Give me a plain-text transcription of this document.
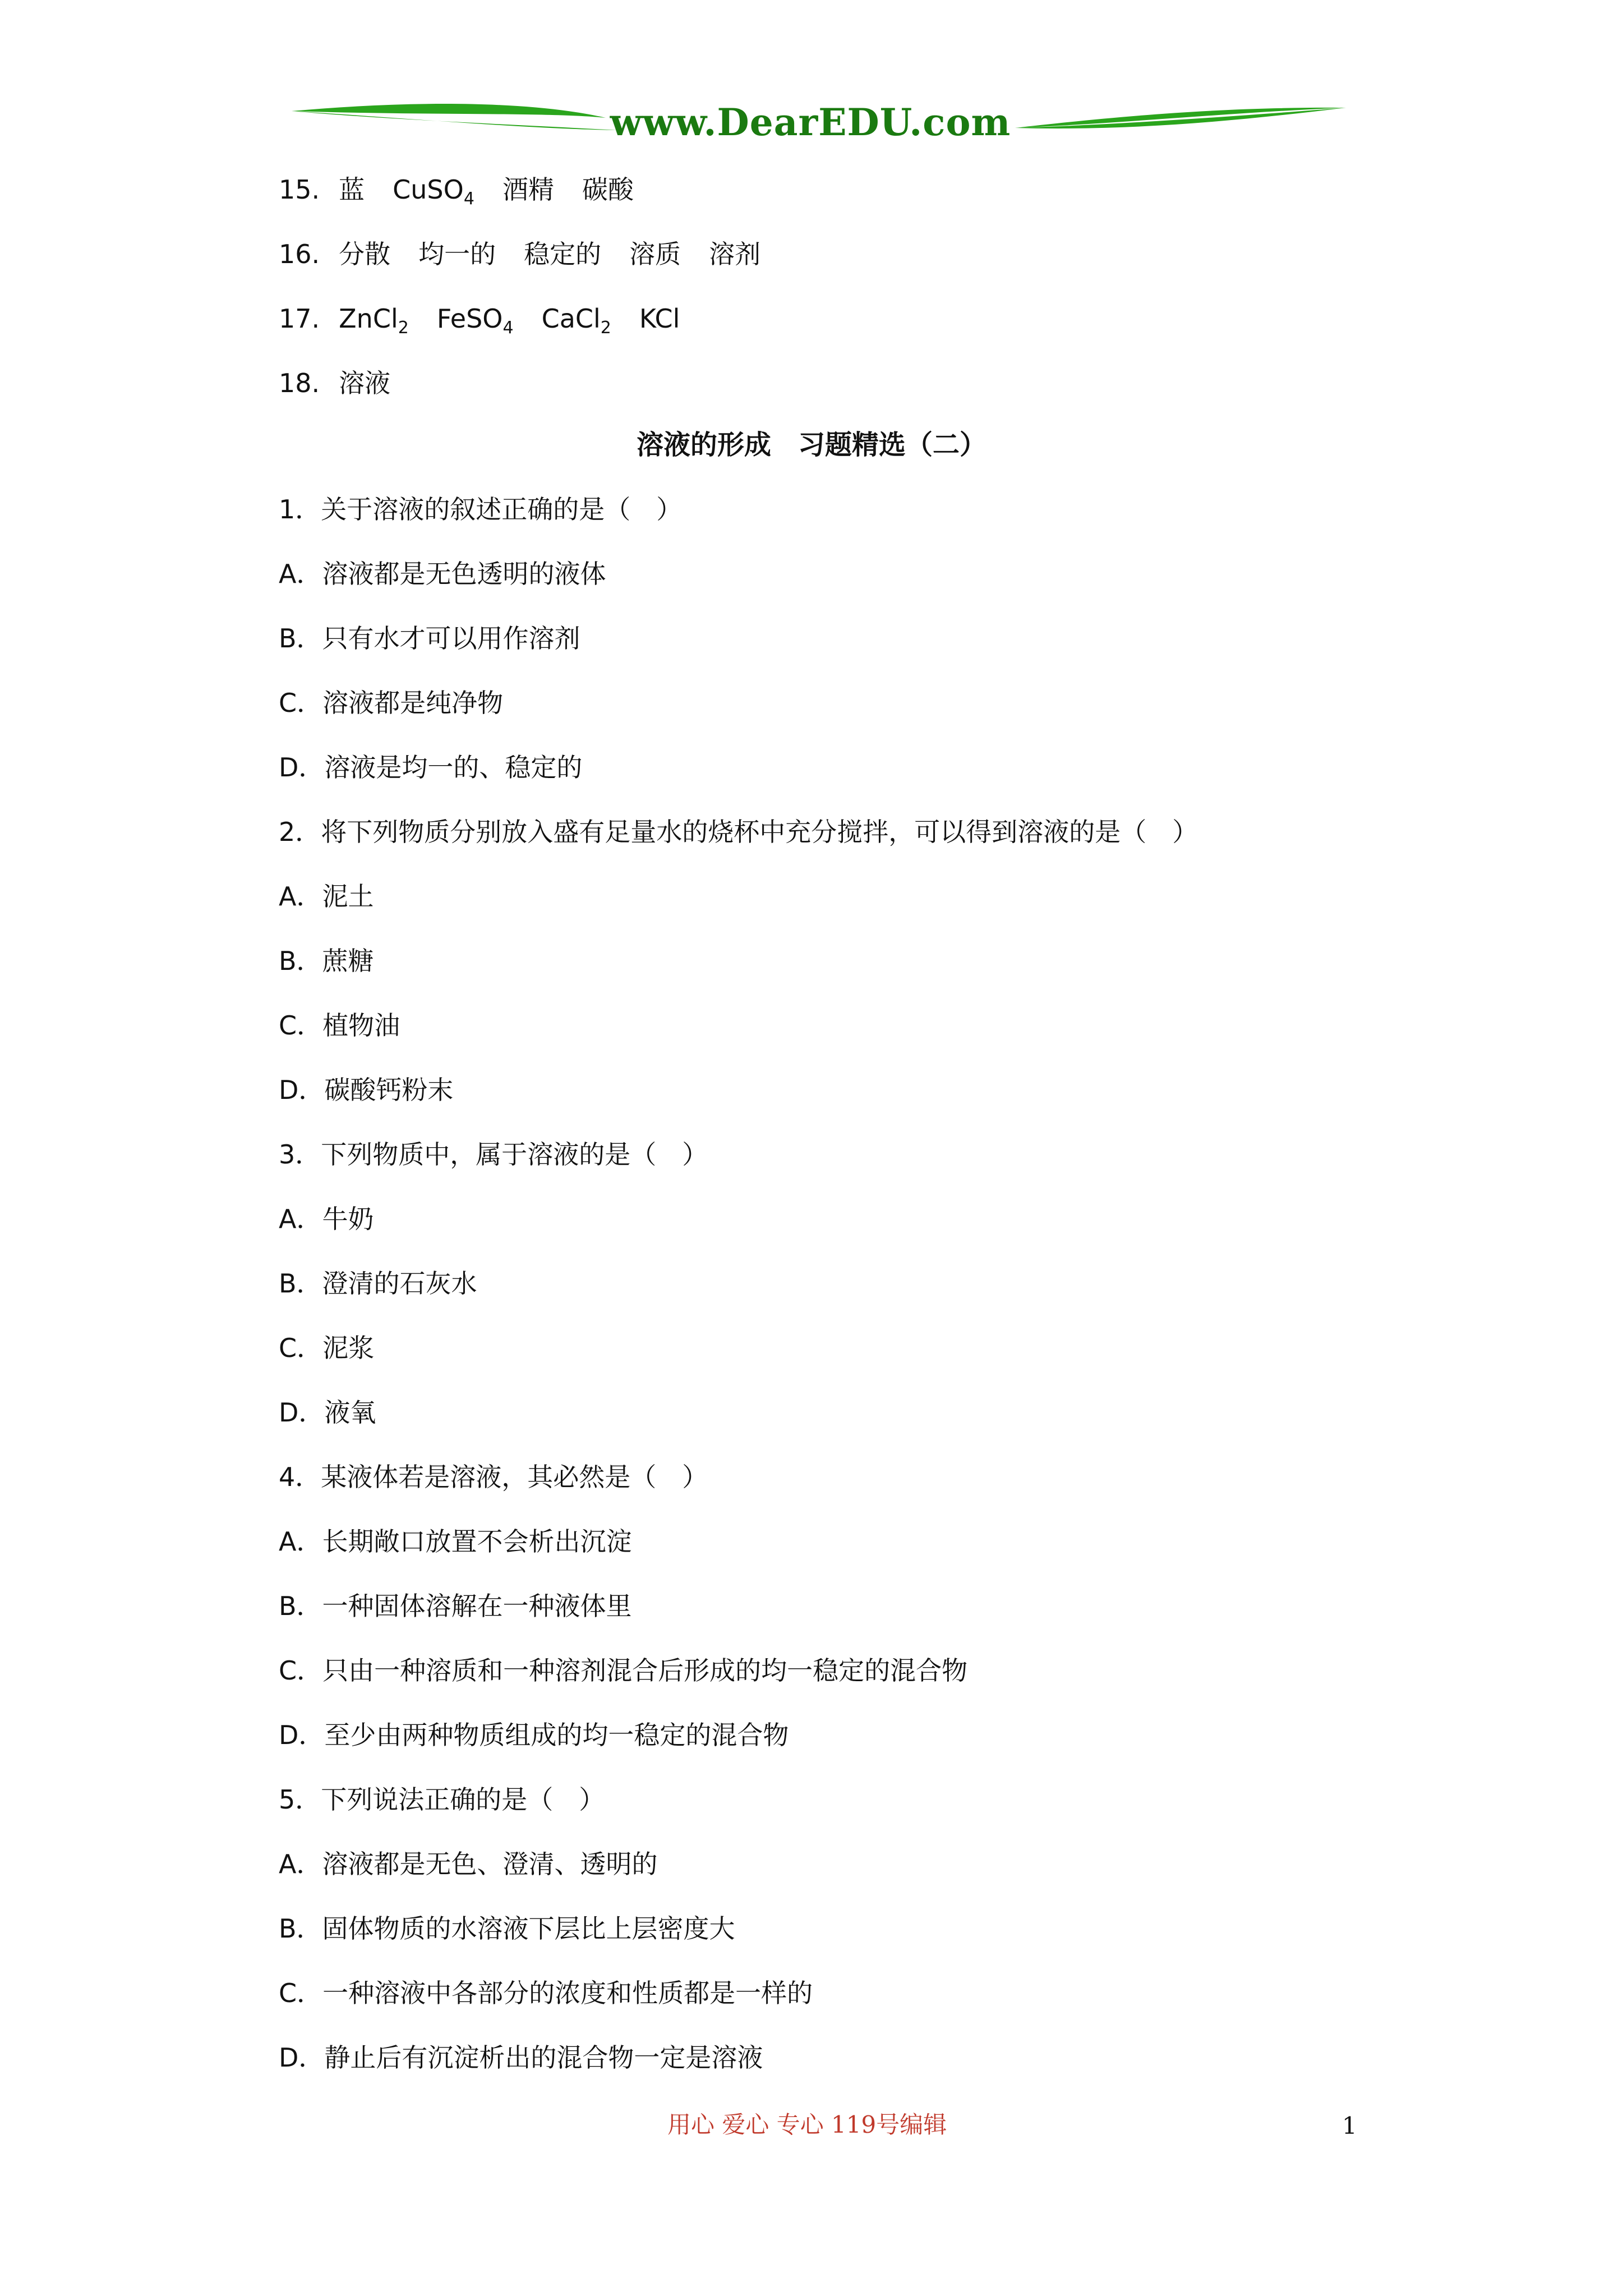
www.DearEDU.com
15. 蓝 CuSO$_4$ 酒精 碳酸
16. 分散 均一的 稳定的 溶质 溶剂
17. ZnCl$_2$ FeSO$_4$ CaCl$_2$ KCl
18. 溶液
溶液的形成　习题精选（二）
1．关于溶液的叙述正确的是（　）
A．溶液都是无色透明的液体
B．只有水才可以用作溶剂
C．溶液都是纯净物
D．溶液是均一的、稳定的
2．将下列物质分别放入盛有足量水的烧杯中充分搅拌，可以得到溶液的是（　）
A．泥土
B．蔗糖
C．植物油
D．碳酸钙粉末
3．下列物质中，属于溶液的是（　）
A．牛奶
B．澄清的石灰水
C．泥浆
D．液氧
4．某液体若是溶液，其必然是（　）
A．长期敞口放置不会析出沉淀
B．一种固体溶解在一种液体里
C．只由一种溶质和一种溶剂混合后形成的均一稳定的混合物
D．至少由两种物质组成的均一稳定的混合物
5．下列说法正确的是（　）
A．溶液都是无色、澄清、透明的
B．固体物质的水溶液下层比上层密度大
C．一种溶液中各部分的浓度和性质都是一样的
D．静止后有沉淀析出的混合物一定是溶液
用心 爱心 专心 119号编辑	1
